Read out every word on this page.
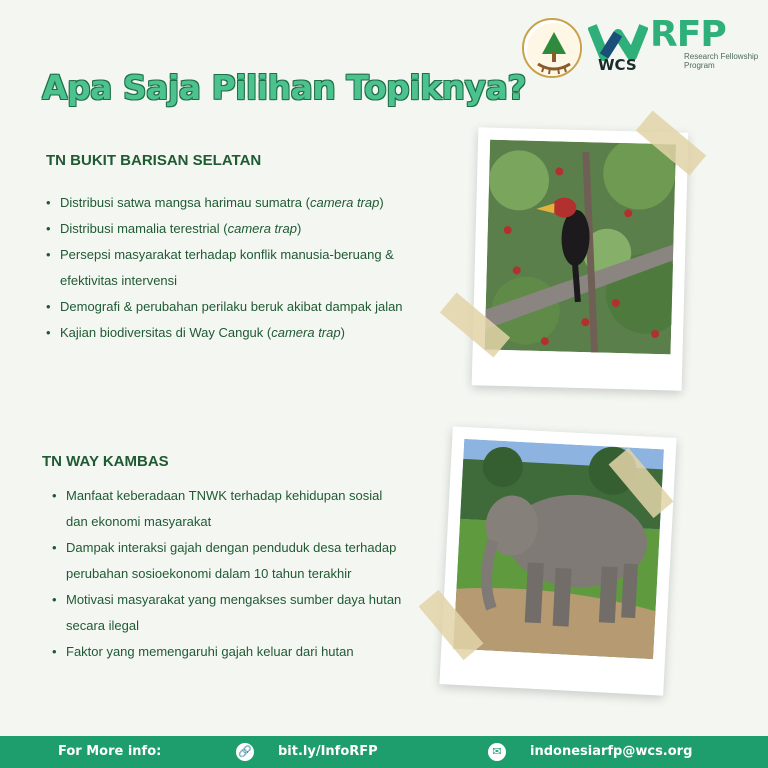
WCS
RFP
Research Fellowship Program
Apa Saja Pilihan Topiknya?
TN BUKIT BARISAN SELATAN
• Distribusi satwa mangsa harimau sumatra (camera trap)
• Distribusi mamalia terestrial (camera trap)
• Persepsi masyarakat terhadap konflik manusia-beruang &
efektivitas intervensi
• Demografi & perubahan perilaku beruk akibat dampak jalan
• Kajian biodiversitas di Way Canguk (camera trap)
TN WAY KAMBAS
• Manfaat keberadaan TNWK terhadap kehidupan sosial
dan ekonomi masyarakat
• Dampak interaksi gajah dengan penduduk desa terhadap
perubahan sosioekonomi dalam 10 tahun terakhir
• Motivasi masyarakat yang mengakses sumber daya hutan
secara ilegal
• Faktor yang memengaruhi gajah keluar dari hutan
For More info:	🔗 bit.ly/InfoRFP	✉	indonesiarfp@wcs.org
